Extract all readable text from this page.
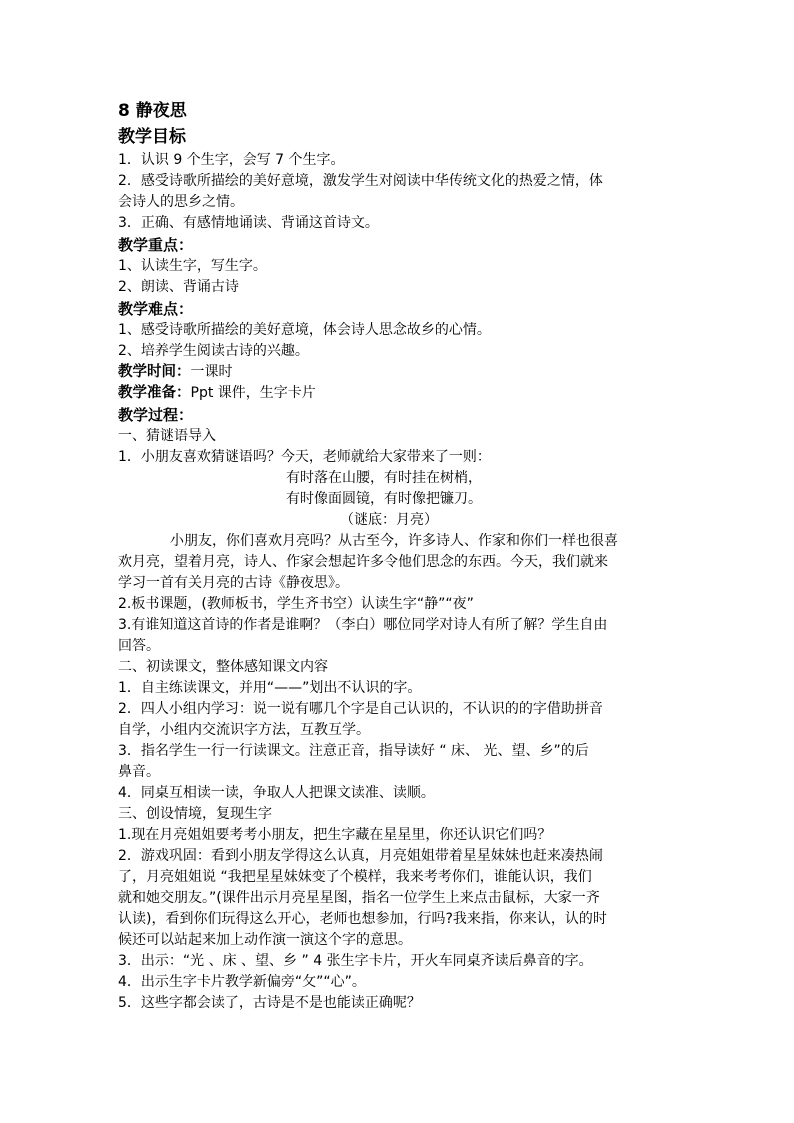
8 静夜思
教学目标
1．认识 9 个生字，会写 7 个生字。
2．感受诗歌所描绘的美好意境，激发学生对阅读中华传统文化的热爱之情，体
会诗人的思乡之情。
3．正确、有感情地诵读、背诵这首诗文。
教学重点：
1、认读生字，写生字。
2、朗读、背诵古诗
教学难点：
1、感受诗歌所描绘的美好意境，体会诗人思念故乡的心情。
2、培养学生阅读古诗的兴趣。
教学时间：一课时
教学准备：Ppt 课件，生字卡片
教学过程：
一、猜谜语导入
1．小朋友喜欢猜谜语吗？今天，老师就给大家带来了一则：
有时落在山腰，有时挂在树梢，
有时像面圆镜，有时像把镰刀。
（谜底：月亮）
小朋友，你们喜欢月亮吗？从古至今，许多诗人、作家和你们一样也很喜
欢月亮，望着月亮，诗人、作家会想起许多令他们思念的东西。今天，我们就来
学习一首有关月亮的古诗《静夜思》。
2.板书课题，(教师板书，学生齐书空）认读生字“静”“夜”
3.有谁知道这首诗的作者是谁啊？（李白）哪位同学对诗人有所了解？学生自由
回答。
二、初读课文，整体感知课文内容
1．自主练读课文，并用“——”划出不认识的字。
2．四人小组内学习：说一说有哪几个字是自己认识的，不认识的的字借助拼音
自学，小组内交流识字方法，互教互学。
3．指名学生一行一行读课文。注意正音，指导读好 “ 床、 光、望、乡”的后
鼻音。
4．同桌互相读一读，争取人人把课文读准、读顺。
三、创设情境，复现生字
1.现在月亮姐姐要考考小朋友，把生字藏在星星里，你还认识它们吗？
2．游戏巩固：看到小朋友学得这么认真，月亮姐姐带着星星妹妹也赶来凑热闹
了，月亮姐姐说 “我把星星妹妹变了个模样，我来考考你们，谁能认识，我们
就和她交朋友。”(课件出示月亮星星图，指名一位学生上来点击鼠标，大家一齐
认读)，看到你们玩得这么开心，老师也想参加，行吗?我来指，你来认，认的时
候还可以站起来加上动作演一演这个字的意思。
3．出示：“光 、床 、望、乡 ” 4 张生字卡片，开火车同桌齐读后鼻音的字。
4．出示生字卡片教学新偏旁“攵”“心”。
5．这些字都会读了，古诗是不是也能读正确呢？
